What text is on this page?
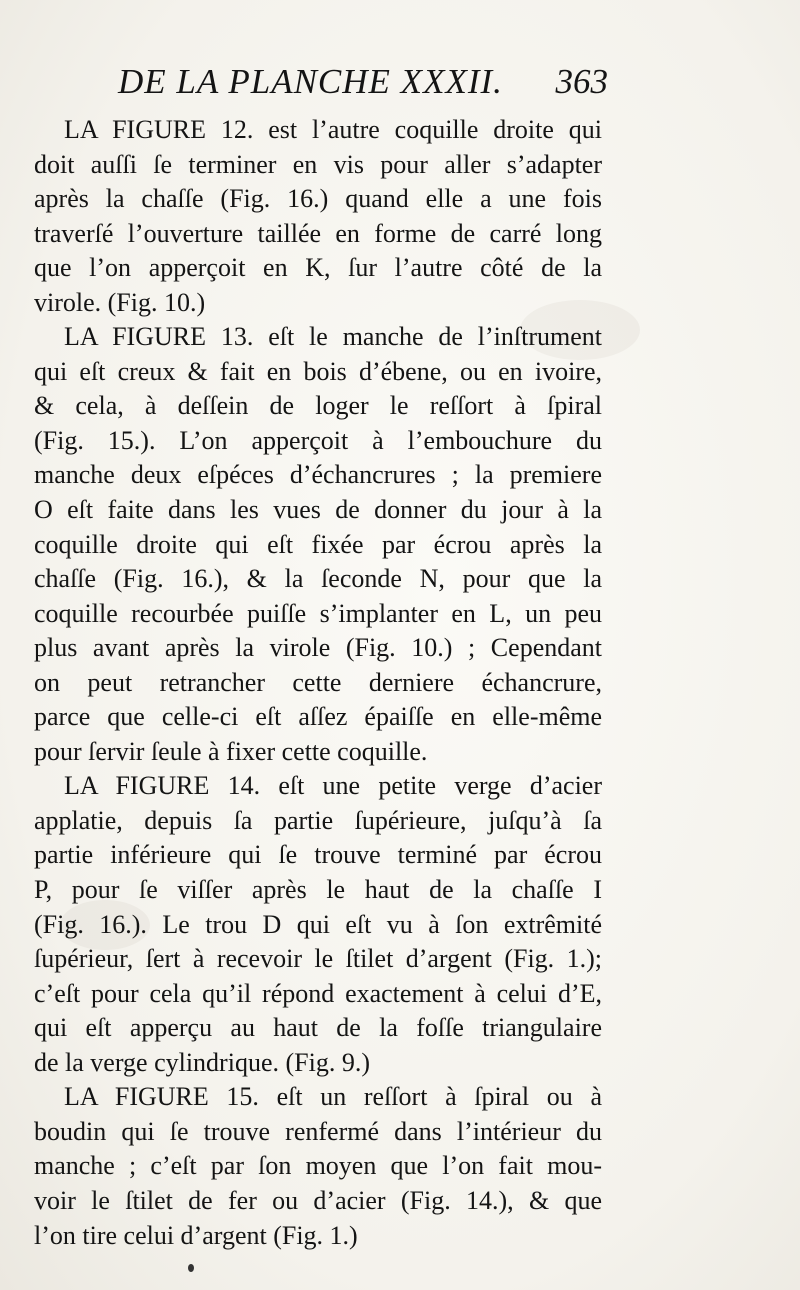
DE LA PLANCHE XXXII. 363
LA FIGURE 12. est l’autre coquille droite qui
doit auſſi ſe terminer en vis pour aller s’adapter
après la chaſſe (Fig. 16.) quand elle a une fois
traverſé l’ouverture taillée en forme de carré long
que l’on apperçoit en K, ſur l’autre côté de la
virole. (Fig. 10.)
LA FIGURE 13. eſt le manche de l’inſtrument
qui eſt creux & fait en bois d’ébene, ou en ivoire,
& cela, à deſſein de loger le reſſort à ſpiral
(Fig. 15.). L’on apperçoit à l’embouchure du
manche deux eſpéces d’échancrures ; la premiere
O eſt faite dans les vues de donner du jour à la
coquille droite qui eſt fixée par écrou après la
chaſſe (Fig. 16.), & la ſeconde N, pour que la
coquille recourbée puiſſe s’implanter en L, un peu
plus avant après la virole (Fig. 10.) ; Cependant
on peut retrancher cette derniere échancrure,
parce que celle-ci eſt aſſez épaiſſe en elle-même
pour ſervir ſeule à fixer cette coquille.
LA FIGURE 14. eſt une petite verge d’acier
applatie, depuis ſa partie ſupérieure, juſqu’à ſa
partie inférieure qui ſe trouve terminé par écrou
P, pour ſe viſſer après le haut de la chaſſe I
(Fig. 16.). Le trou D qui eſt vu à ſon extrêmité
ſupérieur, ſert à recevoir le ſtilet d’argent (Fig. 1.);
c’eſt pour cela qu’il répond exactement à celui d’E,
qui eſt apperçu au haut de la foſſe triangulaire
de la verge cylindrique. (Fig. 9.)
LA FIGURE 15. eſt un reſſort à ſpiral ou à
boudin qui ſe trouve renfermé dans l’intérieur du
manche ; c’eſt par ſon moyen que l’on fait mou-
voir le ſtilet de fer ou d’acier (Fig. 14.), & que
l’on tire celui d’argent (Fig. 1.)
